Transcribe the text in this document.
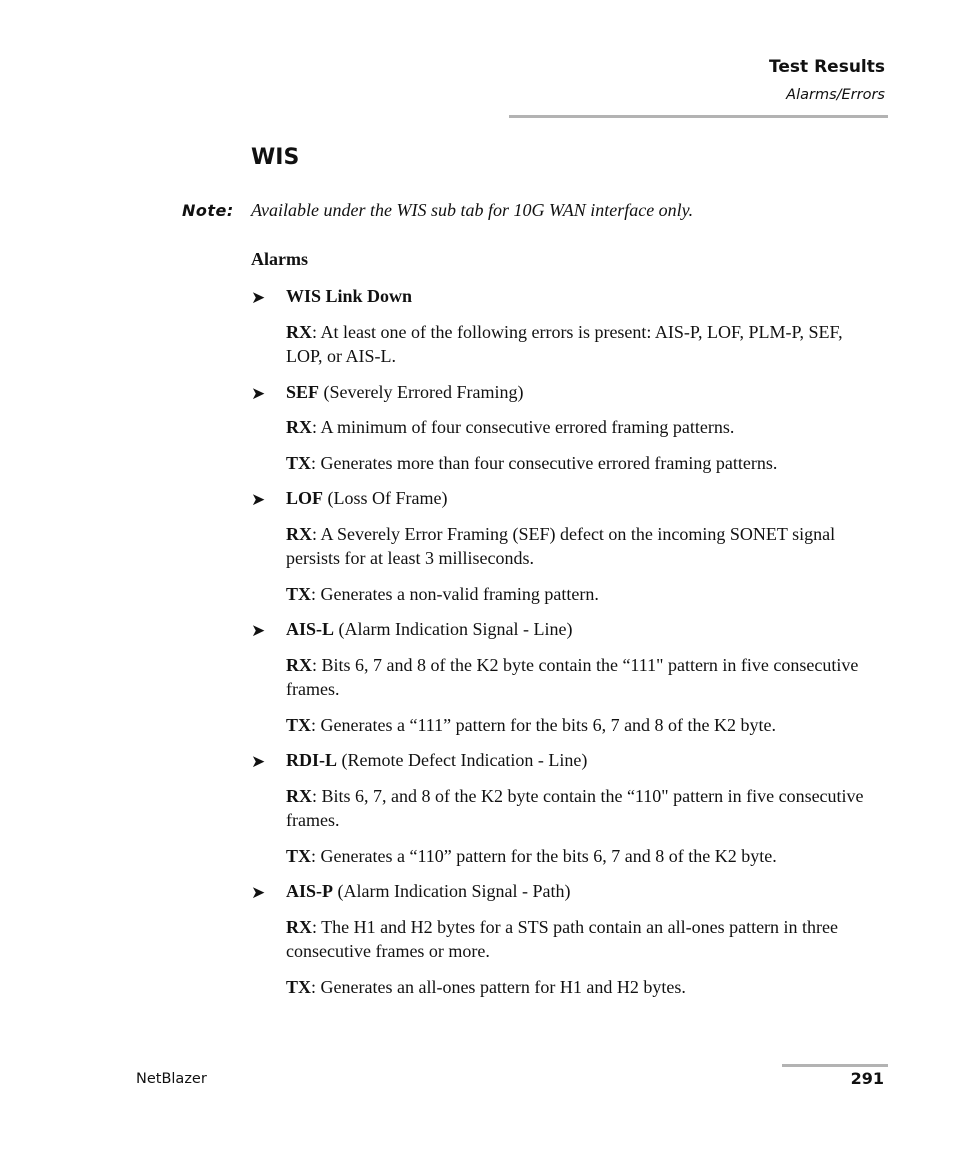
Test Results
Alarms/Errors
WIS
Note: Available under the WIS sub tab for 10G WAN interface only.
Alarms
➤ WIS Link Down

RX: At least one of the following errors is present: AIS-P, LOF, PLM-P, SEF, LOP, or AIS-L.

➤ SEF (Severely Errored Framing)

RX: A minimum of four consecutive errored framing patterns.

TX: Generates more than four consecutive errored framing patterns.

➤ LOF (Loss Of Frame)

RX: A Severely Error Framing (SEF) defect on the incoming SONET signal persists for at least 3 milliseconds.

TX: Generates a non-valid framing pattern.

➤ AIS-L (Alarm Indication Signal - Line)

RX: Bits 6, 7 and 8 of the K2 byte contain the “111" pattern in five consecutive frames.

TX: Generates a “111” pattern for the bits 6, 7 and 8 of the K2 byte.

➤ RDI-L (Remote Defect Indication - Line)

RX: Bits 6, 7, and 8 of the K2 byte contain the “110" pattern in five consecutive frames.

TX: Generates a “110” pattern for the bits 6, 7 and 8 of the K2 byte.

➤ AIS-P (Alarm Indication Signal - Path)

RX: The H1 and H2 bytes for a STS path contain an all-ones pattern in three consecutive frames or more.

TX: Generates an all-ones pattern for H1 and H2 bytes.

NetBlazer	291
